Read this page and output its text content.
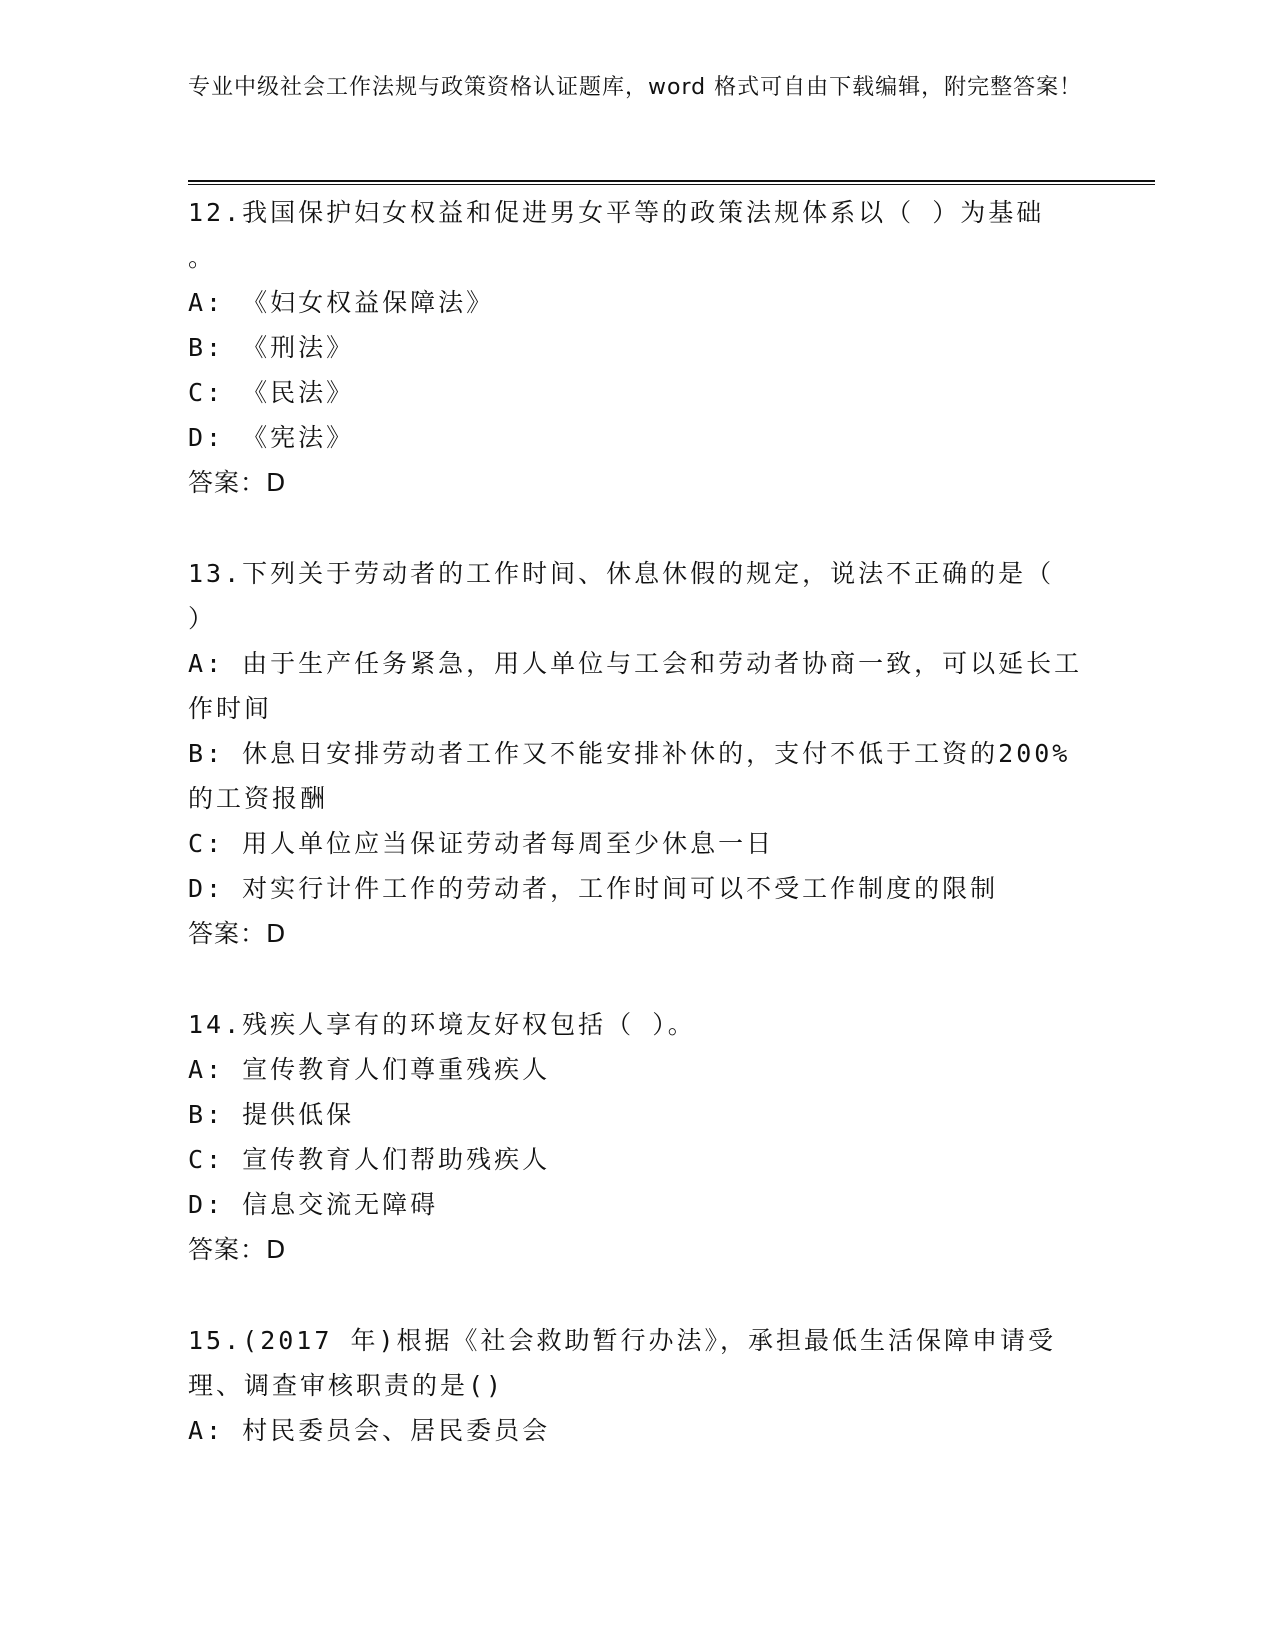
专业中级社会工作法规与政策资格认证题库，word 格式可自由下载编辑，附完整答案！

12.我国保护妇女权益和促进男女平等的政策法规体系以（ ）为基础
。

A: 《妇女权益保障法》

B: 《刑法》

C: 《民法》

D: 《宪法》

答案：D

13.下列关于劳动者的工作时间、休息休假的规定，说法不正确的是（
）

A: 由于生产任务紧急，用人单位与工会和劳动者协商一致，可以延长工作时间

B: 休息日安排劳动者工作又不能安排补休的，支付不低于工资的200%的工资报酬

C: 用人单位应当保证劳动者每周至少休息一日

D: 对实行计件工作的劳动者，工作时间可以不受工作制度的限制

答案：D

14.残疾人享有的环境友好权包括（ ）。

A: 宣传教育人们尊重残疾人

B: 提供低保

C: 宣传教育人们帮助残疾人

D: 信息交流无障碍

答案：D

15.(2017 年)根据《社会救助暂行办法》，承担最低生活保障申请受理、调查审核职责的是()

A: 村民委员会、居民委员会
